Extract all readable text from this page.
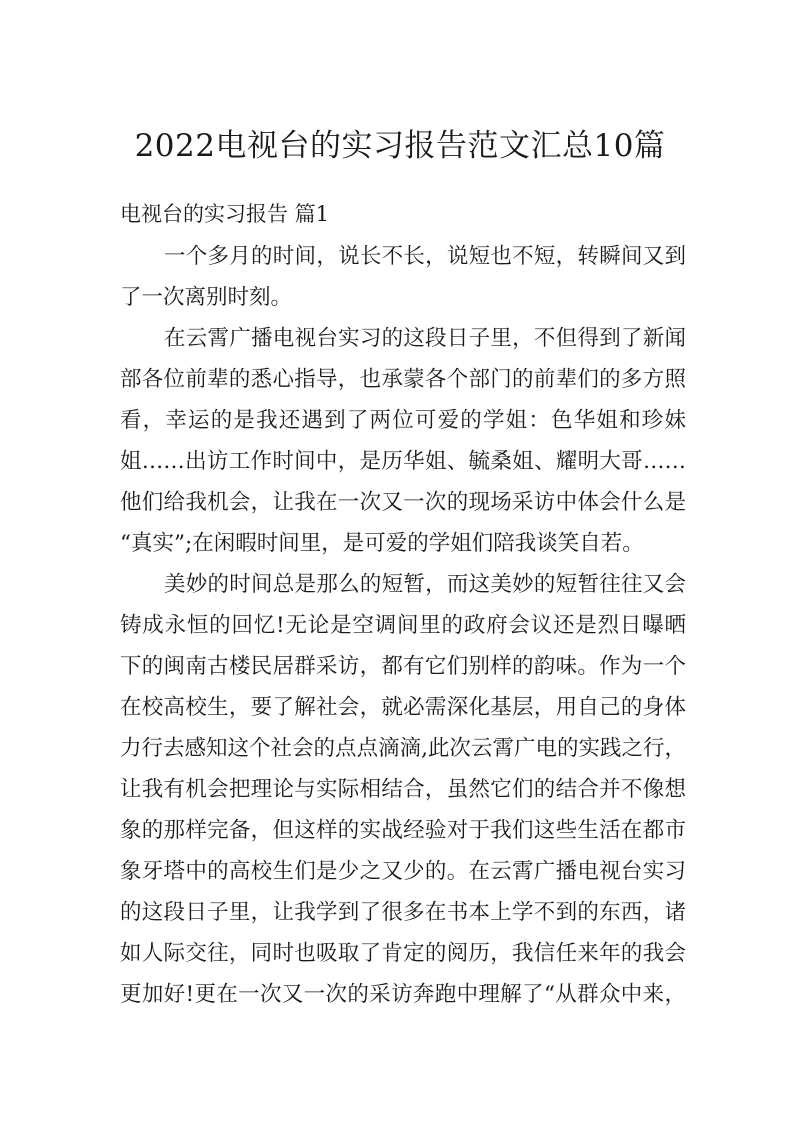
2022电视台的实习报告范文汇总10篇
电视台的实习报告 篇1
一个多月的时间，说长不长，说短也不短，转瞬间又到
了一次离别时刻。
在云霄广播电视台实习的这段日子里，不但得到了新闻
部各位前辈的悉心指导，也承蒙各个部门的前辈们的多方照
看，幸运的是我还遇到了两位可爱的学姐：色华姐和珍妹
姐……出访工作时间中，是历华姐、毓桑姐、耀明大哥……
他们给我机会，让我在一次又一次的现场采访中体会什么是
“真实”;在闲暇时间里，是可爱的学姐们陪我谈笑自若。
美妙的时间总是那么的短暂，而这美妙的短暂往往又会
铸成永恒的回忆!无论是空调间里的政府会议还是烈日曝晒
下的闽南古楼民居群采访，都有它们别样的韵味。作为一个
在校高校生，要了解社会，就必需深化基层，用自己的身体
力行去感知这个社会的点点滴滴,此次云霄广电的实践之行，
让我有机会把理论与实际相结合，虽然它们的结合并不像想
象的那样完备，但这样的实战经验对于我们这些生活在都市
象牙塔中的高校生们是少之又少的。在云霄广播电视台实习
的这段日子里，让我学到了很多在书本上学不到的东西，诸
如人际交往，同时也吸取了肯定的阅历，我信任来年的我会
更加好!更在一次又一次的采访奔跑中理解了“从群众中来，
